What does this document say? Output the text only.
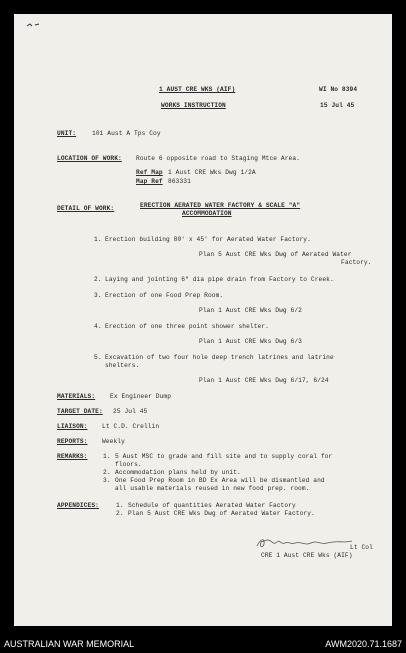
1 AUST CRE WKS (AIF)	WI No 8394
WORKS INSTRUCTION	15 Jul 45
UNIT:	101 Aust A Tps Coy
LOCATION OF WORK: Route 6 opposite road to Staging Mtce Area.
Ref Map 1 Aust CRE Wks Dwg 1/2A
Map Ref 863331
DETAIL OF WORK:	ERECTION AERATED WATER FACTORY & SCALE "A"
ACCOMMODATION
1. Erection building 80' x 45' for Aerated Water Factory.
Plan 5 Aust CRE Wks Dwg of Aerated Water
Factory.
2. Laying and jointing 6" dia pipe drain from Factory to Creek.
3. Erection of one Food Prep Room.
Plan 1 Aust CRE Wks Dwg 6/2
4. Erection of one three point shower shelter.
Plan 1 Aust CRE Wks Dwg 6/3
5. Excavation of two four hole deep trench latrines and latrine
shelters.
Plan 1 Aust CRE Wks Dwg 6/17, 6/24
MATERIALS: Ex Engineer Dump
TARGET DATE: 25 Jul 45
LIAISON: Lt C.D. Crellin
REPORTS: Weekly
REMARKS: 1. 5 Aust MSC to grade and fill site and to supply coral for
floors.
2. Accommodation plans held by unit.
3. One Food Prep Room in BD Ex Area will be dismantled and
all usable materials reused in new food prep. room.
APPENDICES:	1. Schedule of quantities Aerated Water Factory
2. Plan 5 Aust CRE Wks Dwg of Aerated Water Factory.
Lt Col
CRE 1 Aust CRE Wks (AIF)
AUSTRALIAN WAR MEMORIAL	AWM2020.71.1687
